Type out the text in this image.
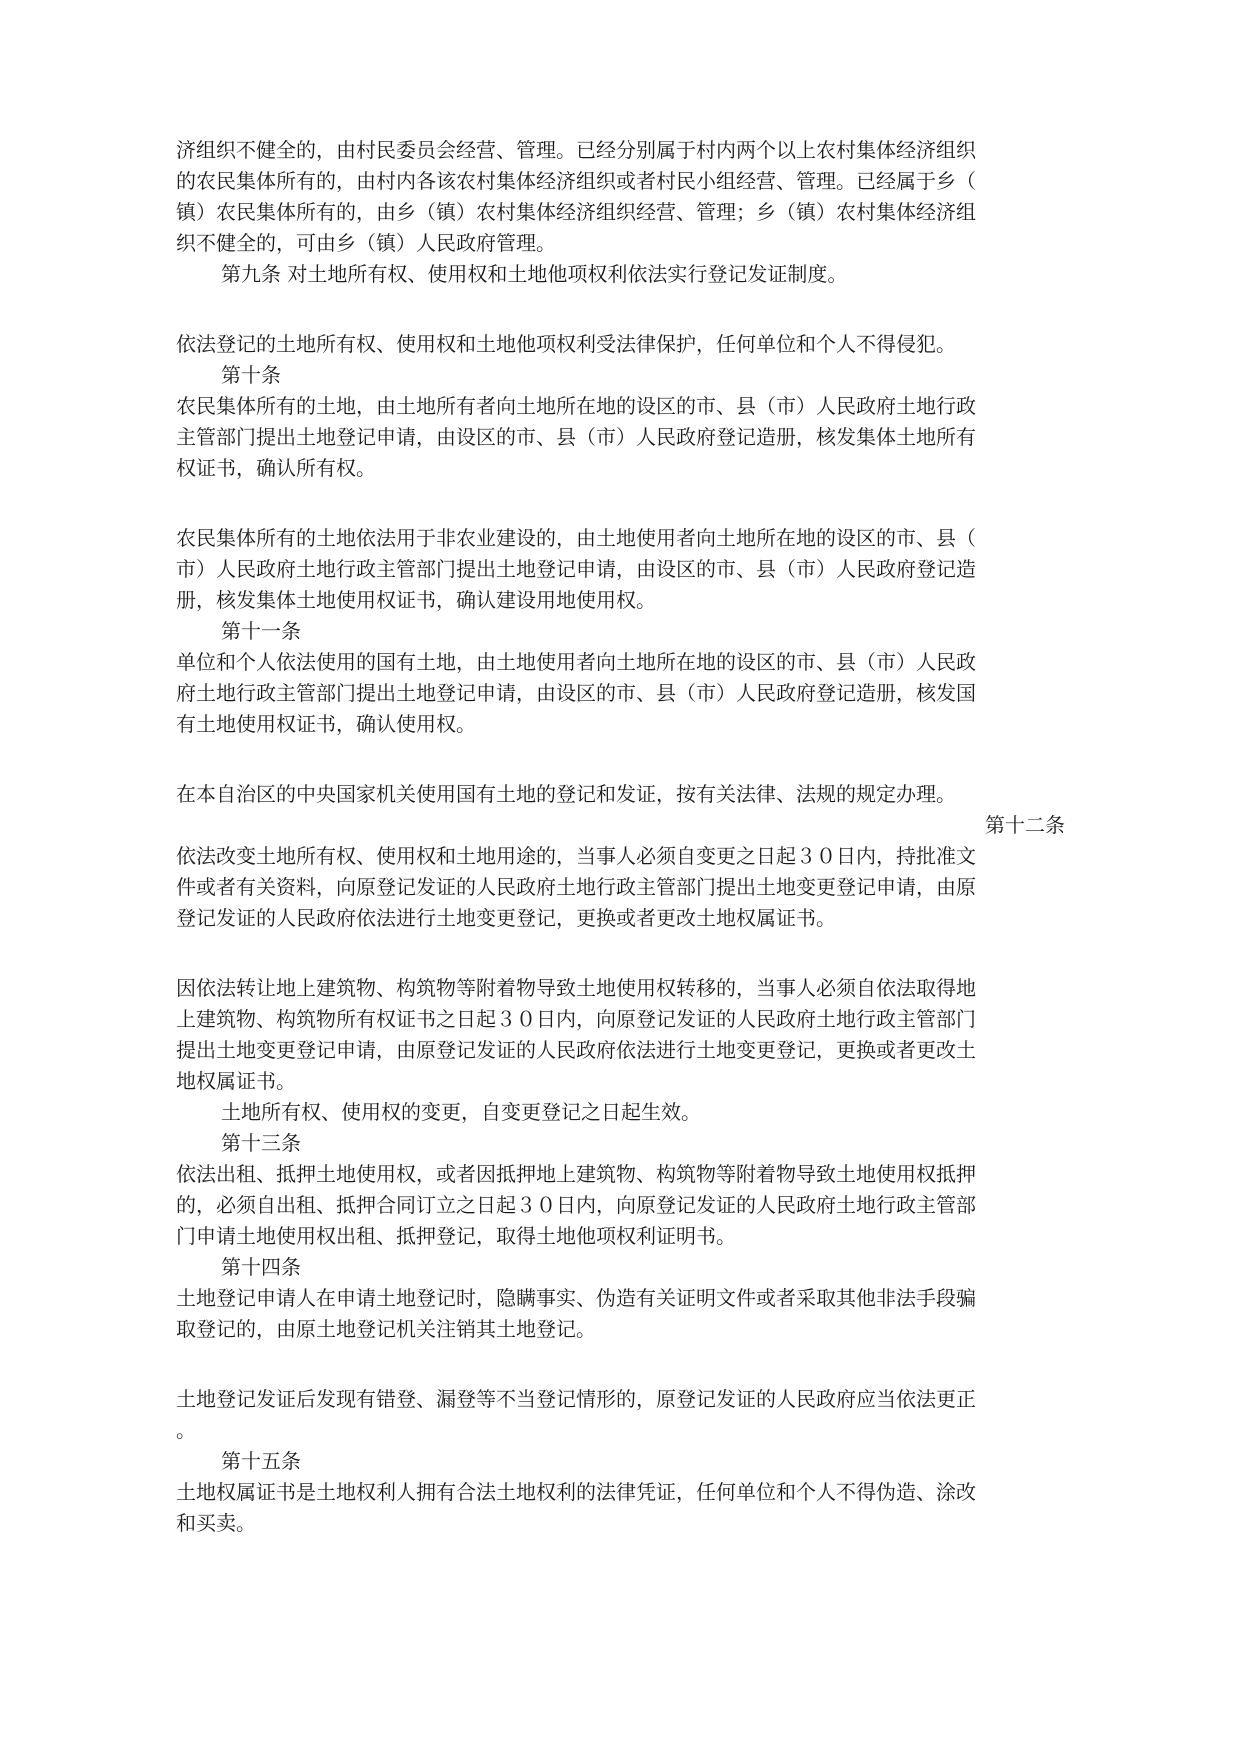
济组织不健全的，由村民委员会经营、管理。已经分别属于村内两个以上农村集体经济组织
的农民集体所有的，由村内各该农村集体经济组织或者村民小组经营、管理。已经属于乡（
镇）农民集体所有的，由乡（镇）农村集体经济组织经营、管理；乡（镇）农村集体经济组
织不健全的，可由乡（镇）人民政府管理。
第九条 对土地所有权、使用权和土地他项权利依法实行登记发证制度。
依法登记的土地所有权、使用权和土地他项权利受法律保护，任何单位和个人不得侵犯。
第十条
农民集体所有的土地，由土地所有者向土地所在地的设区的市、县（市）人民政府土地行政
主管部门提出土地登记申请，由设区的市、县（市）人民政府登记造册，核发集体土地所有
权证书，确认所有权。
农民集体所有的土地依法用于非农业建设的，由土地使用者向土地所在地的设区的市、县（
市）人民政府土地行政主管部门提出土地登记申请，由设区的市、县（市）人民政府登记造
册，核发集体土地使用权证书，确认建设用地使用权。
第十一条
单位和个人依法使用的国有土地，由土地使用者向土地所在地的设区的市、县（市）人民政
府土地行政主管部门提出土地登记申请，由设区的市、县（市）人民政府登记造册，核发国
有土地使用权证书，确认使用权。
在本自治区的中央国家机关使用国有土地的登记和发证，按有关法律、法规的规定办理。
第十二条
依法改变土地所有权、使用权和土地用途的，当事人必须自变更之日起３０日内，持批准文
件或者有关资料，向原登记发证的人民政府土地行政主管部门提出土地变更登记申请，由原
登记发证的人民政府依法进行土地变更登记，更换或者更改土地权属证书。
因依法转让地上建筑物、构筑物等附着物导致土地使用权转移的，当事人必须自依法取得地
上建筑物、构筑物所有权证书之日起３０日内，向原登记发证的人民政府土地行政主管部门
提出土地变更登记申请，由原登记发证的人民政府依法进行土地变更登记，更换或者更改土
地权属证书。
土地所有权、使用权的变更，自变更登记之日起生效。
第十三条
依法出租、抵押土地使用权，或者因抵押地上建筑物、构筑物等附着物导致土地使用权抵押
的，必须自出租、抵押合同订立之日起３０日内，向原登记发证的人民政府土地行政主管部
门申请土地使用权出租、抵押登记，取得土地他项权利证明书。
第十四条
土地登记申请人在申请土地登记时，隐瞒事实、伪造有关证明文件或者采取其他非法手段骗
取登记的，由原土地登记机关注销其土地登记。
土地登记发证后发现有错登、漏登等不当登记情形的，原登记发证的人民政府应当依法更正
。
第十五条
土地权属证书是土地权利人拥有合法土地权利的法律凭证，任何单位和个人不得伪造、涂改
和买卖。
